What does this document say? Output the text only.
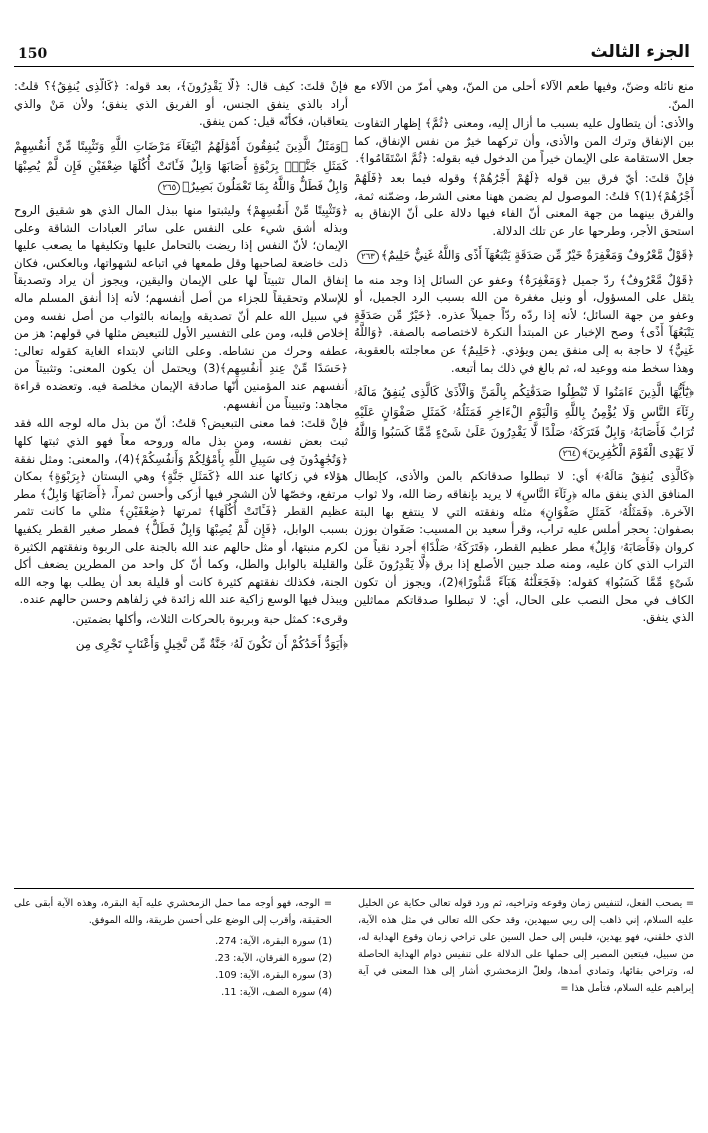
150	الجزء الثالث

منع نائله وضنّ، وفيها طعم الآلاء أحلى من المنّ، وهي أمرّ من الآلاء مع المنّ.

والأذى: أن يتطاول عليه بسبب ما أزال إليه، ومعنى ﴿ثُمَّ﴾ إظهار التفاوت بين الإنفاق وترك المن والأذى، وأن تركهما خيرٌ من نفس الإنفاق، كما جعل الاستقامة على الإيمان خيراً من الدخول فيه بقوله: ﴿ثُمَّ اسْتَقَامُوا﴾.

فإنْ قلتَ: أيّ فرق بين قوله ﴿لَهُمْ أَجْرُهُمْ﴾ وقوله فيما بعد ﴿فَلَهُمْ أَجْرُهُمْ﴾(1)؟ قلتُ: الموصول لم يضمن ههنا معنى الشرط، وضمّنه ثمة، والفرق بينهما من جهة المعنى أنّ الفاء فيها دلالة على أنّ الإنفاق به استحق الأجر، وطرحها عار عن تلك الدلالة.

﴿قَوْلٌ مَّعْرُوفٌ وَمَغْفِرَةٌ خَيْرٌ مِّن صَدَقَةٍ يَتْبَعُهَآ أَذًى وَاللَّهُ غَنِيٌّ حَلِيمٌ﴾٢٦٣

﴿قَوْلٌ مَّعْرُوفٌ﴾ ردّ جميل ﴿وَمَغْفِرَةٌ﴾ وعفو عن السائل إذا وجد منه ما يثقل على المسؤول، أو ونيل مغفرة من الله بسبب الرد الجميل، أو وعفو من جهة السائل؛ لأنه إذا ردّه ردّاً جميلاً عذره. ﴿خَيْرٌ مِّن صَدَقَةٍ يَتْبَعُهَآ أَذًى﴾ وصح الإخبار عن المبتدأ النكرة لاختصاصه بالصفة. ﴿وَاللَّهُ غَنِيٌّ﴾ لا حاجة به إلى منفق يمن ويؤذي. ﴿حَلِيمٌ﴾ عن معاجلته بالعقوبة، وهذا سخط منه ووعيد له، ثم بالغ في ذلك بما أتبعه.

﴿يَٰٓأَيُّهَا الَّذِينَ ءَامَنُوا لَا تُبْطِلُوا صَدَقَٰتِكُم بِالْمَنِّ وَالْأَذَىٰ كَالَّذِى يُنفِقُ مَالَهُۥ رِئَآءَ النَّاسِ وَلَا يُؤْمِنُ بِاللَّهِ وَالْيَوْمِ الْءَاخِرِ فَمَثَلُهُۥ كَمَثَلِ صَفْوَانٍ عَلَيْهِ تُرَابٌ فَأَصَابَهُۥ وَابِلٌ فَتَرَكَهُۥ صَلْدًا لَّا يَقْدِرُونَ عَلَىٰ شَىْءٍ مِّمَّا كَسَبُوا وَاللَّهُ لَا يَهْدِى الْقَوْمَ الْكَٰفِرِينَ﴾٢٦٤

﴿كَالَّذِى يُنفِقُ مَالَهُۥ﴾ أي: لا تبطلوا صدقاتكم بالمن والأذى، كإبطال المنافق الذي ينفق ماله ﴿رِئَآءَ النَّاسِ﴾ لا يريد بإنفاقه رضا الله، ولا ثواب الآخرة. ﴿فَمَثَلُهُۥ كَمَثَلِ صَفْوَانٍ﴾ مثله ونفقته التي لا ينتفع بها البتة بصفوان: بحجر أملس عليه تراب، وقرأ سعيد بن المسيب: صَفَوان بوزن كروان ﴿فَأَصَابَهُۥ وَابِلٌ﴾ مطر عظيم القطر، ﴿فَتَرَكَهُۥ صَلْدًا﴾ أجرد نقياً من التراب الذي كان عليه، ومنه صلد جبين الأصلع إذا برق ﴿لَّا يَقْدِرُونَ عَلَىٰ شَىْءٍ مِّمَّا كَسَبُوا﴾ كقوله: ﴿فَجَعَلْنَٰهُ هَبَآءً مَّنثُورًا﴾(2)، ويجوز أن تكون الكاف في محل النصب على الحال، أي: لا تبطلوا صدقاتكم مماثلين الذي ينفق.

فإنْ قلتَ: كيف قال: ﴿لَّا يَقْدِرُونَ﴾، بعد قوله: ﴿كَالَّذِى يُنفِقُ﴾؟ قلتُ: أراد بالذي ينفق الجنس، أو الفريق الذي ينفق؛ ولأن مَنْ والذي يتعاقبان، فكأنّه قيل: كمن ينفق.

﴿وَمَثَلُ الَّذِينَ يُنفِقُونَ أَمْوَٰلَهُمُ ابْتِغَآءَ مَرْضَاتِ اللَّهِ وَتَثْبِيتًا مِّنْ أَنفُسِهِمْ كَمَثَلِ جَنَّةٍۭ بِرَبْوَةٍ أَصَابَهَا وَابِلٌ فَـَٔاتَتْ أُكُلَهَا ضِعْفَيْنِ فَإِن لَّمْ يُصِبْهَا وَابِلٌ فَطَلٌّ وَاللَّهُ بِمَا تَعْمَلُونَ بَصِيرٌ﴾٢٦٥

﴿وَتَثْبِيتًا مِّنْ أَنفُسِهِمْ﴾ وليثبتوا منها ببذل المال الذي هو شقيق الروح وبذله أشق شيء على النفس على سائر العبادات الشاقة وعلى الإيمان؛ لأنّ النفس إذا ريضت بالتحامل عليها وتكليفها ما يصعب عليها ذلت خاضعة لصاحبها وقل طمعها في اتباعه لشهواتها، وبالعكس، فكان إنفاق المال تثبيتاً لها على الإيمان واليقين، ويجوز أن يراد وتصديقاً للإسلام وتحقيقاً للجزاء من أصل أنفسهم؛ لأنه إذا أنفق المسلم ماله في سبيل الله علم أنّ تصديقه وإيمانه بالثواب من أصل نفسه ومن إخلاص قلبه، ومن على التفسير الأول للتبعيض مثلها في قولهم: هز من عطفه وحرك من نشاطه. وعلى الثاني لابتداء الغاية كقوله تعالى: ﴿حَسَدًا مِّنْ عِندِ أَنفُسِهِم﴾(3) ويحتمل أن يكون المعنى: وتثبيتاً من أنفسهم عند المؤمنين أنّها صادقة الإيمان مخلصة فيه. وتعضده قراءة مجاهد: وتبييناً من أنفسهم.

فإنْ قلتَ: فما معنى التبعيض؟ قلتُ: أنّ من بذل ماله لوجه الله فقد ثبت بعض نفسه، ومن بذل ماله وروحه معاً فهو الذي ثبتها كلها ﴿وَتُجَٰهِدُونَ فِى سَبِيلِ اللَّهِ بِأَمْوَٰلِكُمْ وَأَنفُسِكُمْ﴾(4)، والمعنى: ومثل نفقة هؤلاء في زكائها عند الله ﴿كَمَثَلِ جَنَّةٍ﴾ وهي البستان ﴿بِرَبْوَةٍ﴾ بمكان مرتفع، وخصّها لأن الشجر فيها أزكى وأحسن ثمراً، ﴿أَصَابَهَا وَابِلٌ﴾ مطر عظيم القطر ﴿فَـَٔاتَتْ أُكُلَهَا﴾ ثمرتها ﴿ضِعْفَيْنِ﴾ مثلي ما كانت تثمر بسبب الوابل، ﴿فَإِن لَّمْ يُصِبْهَا وَابِلٌ فَطَلٌّ﴾ فمطر صغير القطر يكفيها لكرم منبتها، أو مثل حالهم عند الله بالجنة على الربوة ونفقتهم الكثيرة والقليلة بالوابل والطل، وكما أنّ كل واحد من المطرين يضعف أكل الجنة، فكذلك نفقتهم كثيرة كانت أو قليلة بعد أن يطلب بها وجه الله ويبذل فيها الوسع زاكية عند الله زائدة في زلفاهم وحسن حالهم عنده.

وقرىء: كمثل حبة وبربوة بالحركات الثلاث، وأكلها بضمتين.

﴿أَيَوَدُّ أَحَدُكُمْ أَن تَكُونَ لَهُۥ جَنَّةٌ مِّن نَّخِيلٍ وَأَعْنَابٍ تَجْرِى مِن

= يصحب الفعل، لتنفيس زمان وقوعه وتراخيه، ثم ورد قوله تعالى حكاية عن الخليل عليه السلام، إني ذاهب إلى ربي سيهدين، وقد حكى الله تعالى في مثل هذه الآية، الذي خلقني، فهو يهدين، فليس إلى حمل السين على تراخي زمان وقوع الهداية له، من سبيل، فيتعين المصير إلى حملها على الدلالة على تنفيس دوام الهداية الحاصلة له، وتراخي بقائها، وتمادي أمدها، ولعلّ الزمخشري أشار إلى هذا المعنى في آية إبراهيم عليه السلام، فتأمل هذا =

= الوجه، فهو أوجه مما حمل الزمخشري عليه آية البقرة، وهذه الآية أبقى على الحقيقة، وأقرب إلى الوضع على أحسن طريقة، والله الموفق.

(1) سورة البقرة، الآية: 274.
(2) سورة الفرقان، الآية: 23.
(3) سورة البقرة، الآية: 109.
(4) سورة الصف، الآية: 11.
